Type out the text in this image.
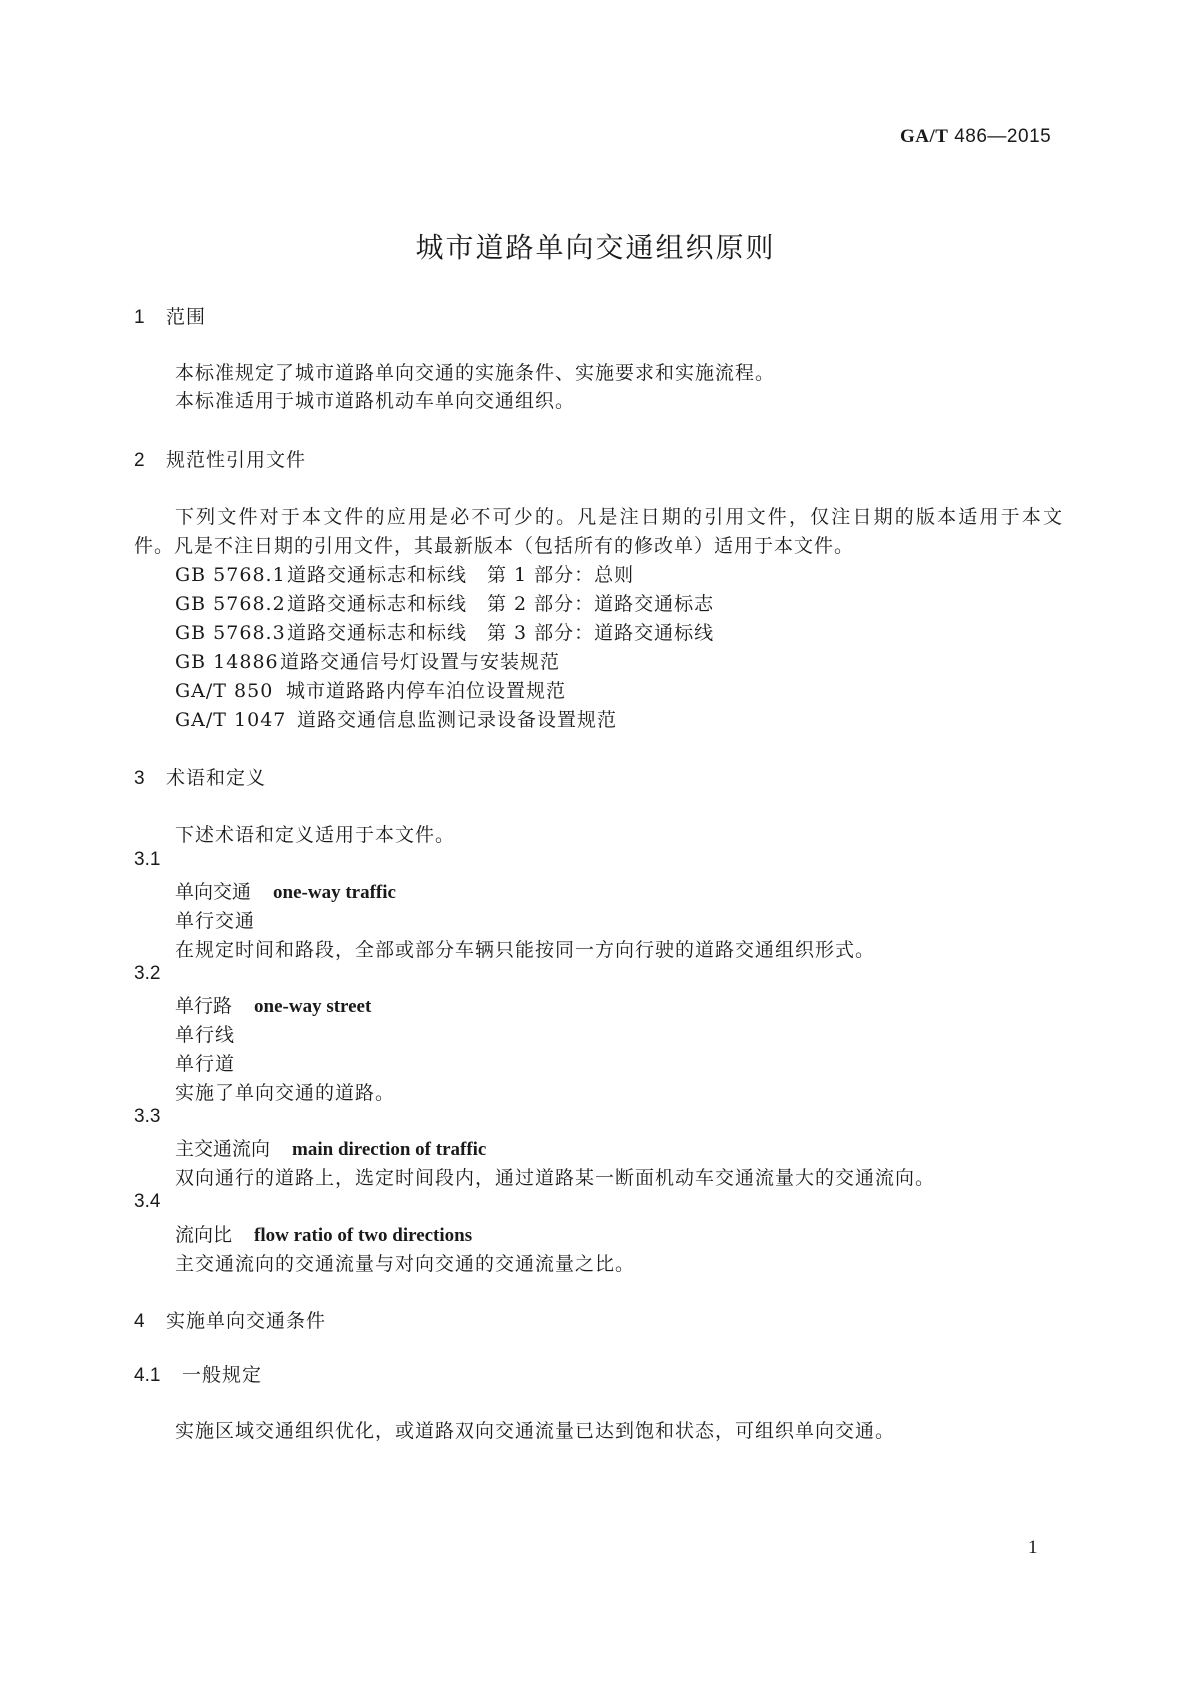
GA/T 486—2015
城市道路单向交通组织原则
1 范围
本标准规定了城市道路单向交通的实施条件、实施要求和实施流程。
本标准适用于城市道路机动车单向交通组织。
2 规范性引用文件
下列文件对于本文件的应用是必不可少的。凡是注日期的引用文件，仅注日期的版本适用于本文
件。凡是不注日期的引用文件，其最新版本（包括所有的修改单）适用于本文件。
GB 5768.1道路交通标志和标线　第 1 部分：总则
GB 5768.2道路交通标志和标线　第 2 部分：道路交通标志
GB 5768.3道路交通标志和标线　第 3 部分：道路交通标线
GB 14886道路交通信号灯设置与安装规范
GA/T 850 城市道路路内停车泊位设置规范
GA/T 1047 道路交通信息监测记录设备设置规范
3 术语和定义
下述术语和定义适用于本文件。
3.1
单向交通 one-way traffic
单行交通
在规定时间和路段，全部或部分车辆只能按同一方向行驶的道路交通组织形式。
3.2
单行路 one-way street
单行线
单行道
实施了单向交通的道路。
3.3
主交通流向 main direction of traffic
双向通行的道路上，选定时间段内，通过道路某一断面机动车交通流量大的交通流向。
3.4
流向比 flow ratio of two directions
主交通流向的交通流量与对向交通的交通流量之比。
4 实施单向交通条件
4.1 一般规定
实施区域交通组织优化，或道路双向交通流量已达到饱和状态，可组织单向交通。
1
